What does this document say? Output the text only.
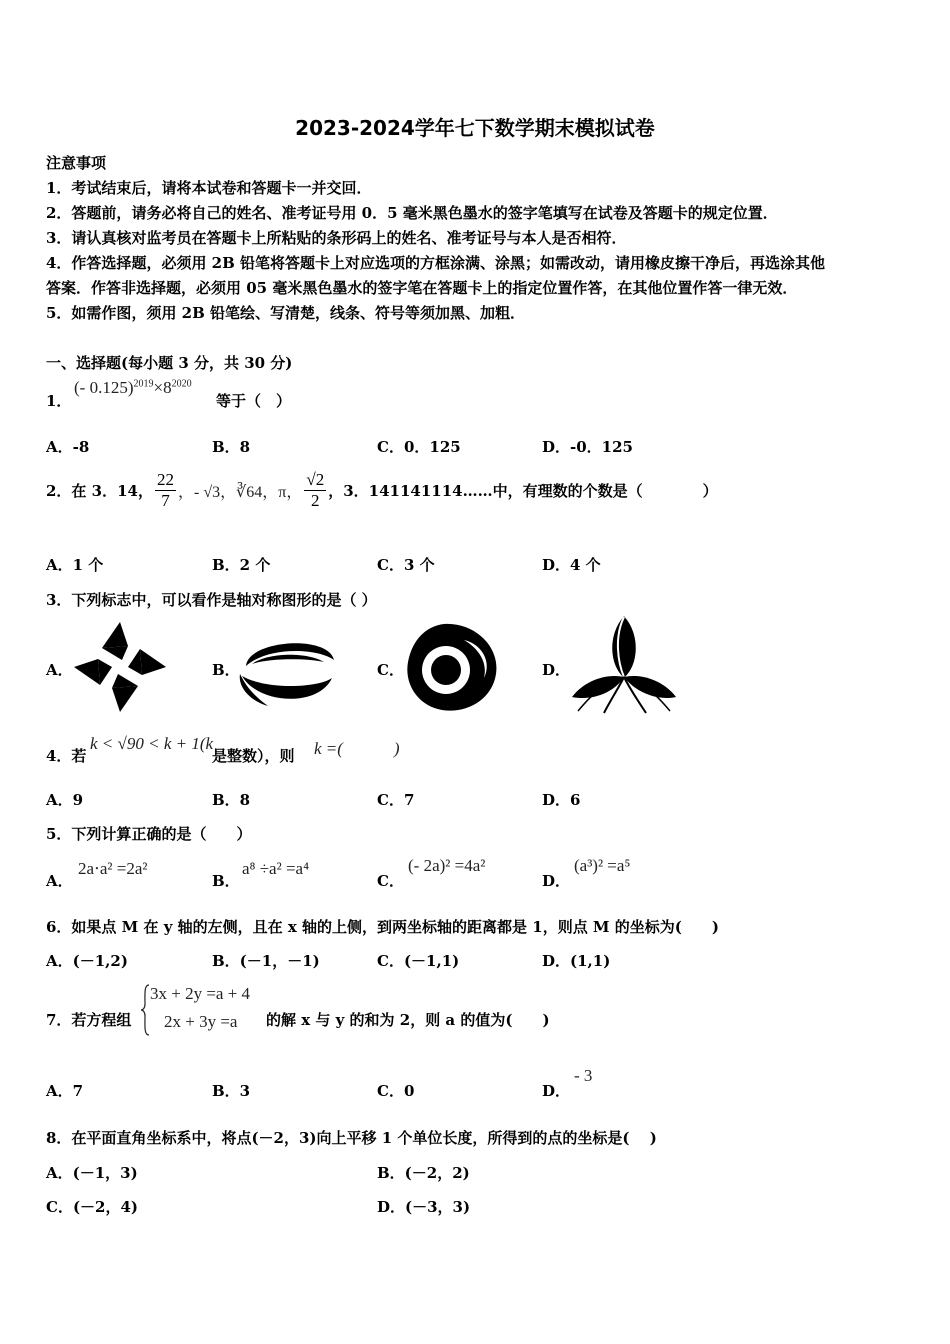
2023-2024学年七下数学期末模拟试卷
注意事项
1．考试结束后，请将本试卷和答题卡一并交回．
2．答题前，请务必将自己的姓名、准考证号用 0．5 毫米黑色墨水的签字笔填写在试卷及答题卡的规定位置．
3．请认真核对监考员在答题卡上所粘贴的条形码上的姓名、准考证号与本人是否相符．
4．作答选择题，必须用 2B 铅笔将答题卡上对应选项的方框涂满、涂黑；如需改动，请用橡皮擦干净后，再选涂其他
答案．作答非选择题，必须用 05 毫米黑色墨水的签字笔在答题卡上的指定位置作答，在其他位置作答一律无效．
5．如需作图，须用 2B 铅笔绘、写清楚，线条、符号等须加黑、加粗．
一、选择题(每小题 3 分，共 30 分)
1．
(- $0.125)^{2019}\times 8^{2020}$
等于（　）
A．-8	B．8	C．0．125	D．-0．125
2．在 3．14， $\frac{22}{7}$ ，- √3，∛64，π， $\frac{√2}{2}$ ，3．141141114……中，有理数的个数是（　　　　）
A．1 个	B．2 个	C．3 个	D．4 个
3．下列标志中，可以看作是轴对称图形的是（ ）
A．	B．	C．	D．
4．若
k < √90 < k + 1(k
是整数），则 k =(　　　)
A．9	B．8	C．7	D．6
5．下列计算正确的是（　　）
A．
2a⋅a² =2a²
B．
a⁸ ÷a² =a⁴
C．
(- 2a)² =4a²
D．
(a³)² =a⁵
6．如果点 M 在 y 轴的左侧，且在 x 轴的上侧，到两坐标轴的距离都是 1，则点 M 的坐标为(　　)
A．(－1,2)	B．(－1，－1)	C．(－1,1)	D．(1,1)
7．若方程组
3x + 2y =a + 4
2x + 3y =a 的解 x 与 y 的和为 2，则 a 的值为(　　)
A．7	B．3	C．0	D．
- 3
8．在平面直角坐标系中，将点(－2，3)向上平移 1 个单位长度，所得到的点的坐标是(　 )
A．(－1，3)	B．(－2，2)
C．(－2，4)	D．(－3，3)
